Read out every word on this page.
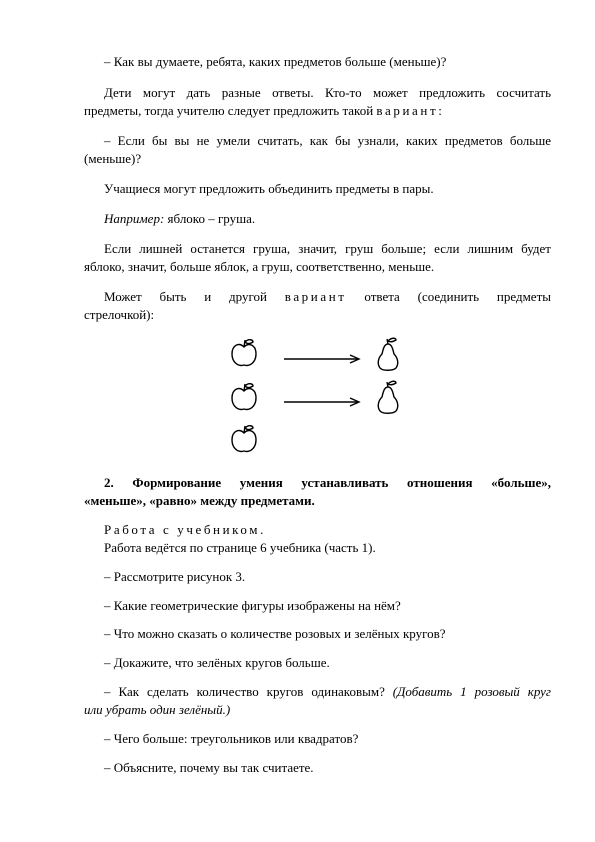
– Как вы думаете, ребята, каких предметов больше (меньше)?

Дети могут дать разные ответы. Кто-то может предложить сосчитать

предметы, тогда учителю следует предложить такой вариант:

– Если бы вы не умели считать, как бы узнали, каких предметов больше

(меньше)?

Учащиеся могут предложить объединить предметы в пары.

Например: яблоко – груша.

Если лишней останется груша, значит, груш больше; если лишним будет

яблоко, значит, больше яблок, а груш, соответственно, меньше.

Может быть и другой вариант ответа (соединить предметы

стрелочкой):

2. Формирование умения устанавливать отношения «больше»,

«меньше», «равно» между предметами.

Работа с учебником.

Работа ведётся по странице 6 учебника (часть 1).

– Рассмотрите рисунок 3.

– Какие геометрические фигуры изображены на нём?

– Что можно сказать о количестве розовых и зелёных кругов?

– Докажите, что зелёных кругов больше.

– Как сделать количество кругов одинаковым? (Добавить 1 розовый круг

или убрать один зелёный.)

– Чего больше: треугольников или квадратов?

– Объясните, почему вы так считаете.
